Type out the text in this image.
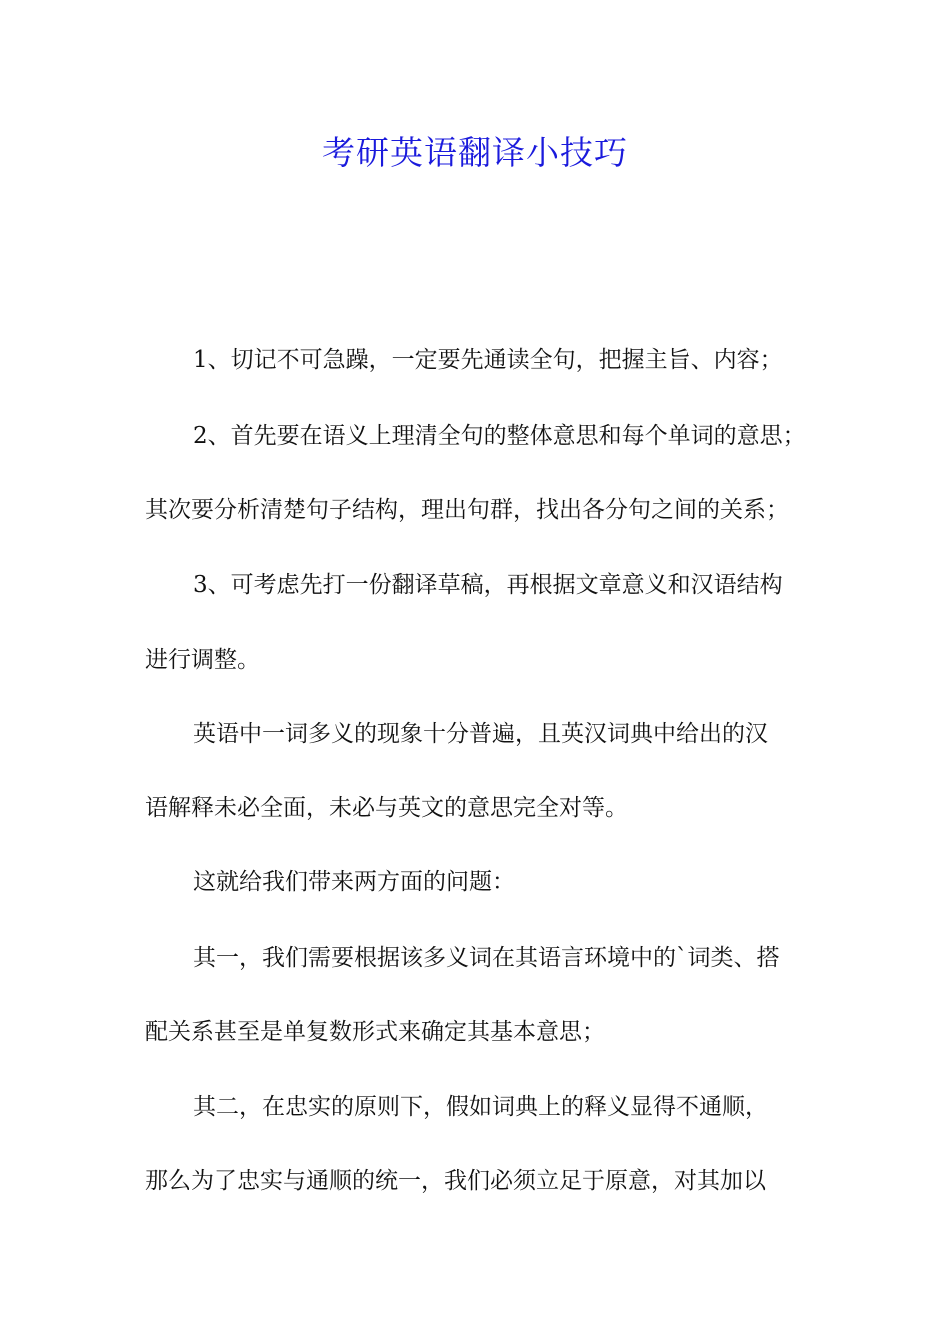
考研英语翻译小技巧
1、切记不可急躁，一定要先通读全句，把握主旨、内容；
2、首先要在语义上理清全句的整体意思和每个单词的意思；
其次要分析清楚句子结构，理出句群，找出各分句之间的关系；
3、可考虑先打一份翻译草稿，再根据文章意义和汉语结构
进行调整。
英语中一词多义的现象十分普遍，且英汉词典中给出的汉
语解释未必全面，未必与英文的意思完全对等。
这就给我们带来两方面的问题：
其一，我们需要根据该多义词在其语言环境中的`词类、搭
配关系甚至是单复数形式来确定其基本意思；
其二，在忠实的原则下，假如词典上的释义显得不通顺，
那么为了忠实与通顺的统一，我们必须立足于原意，对其加以
